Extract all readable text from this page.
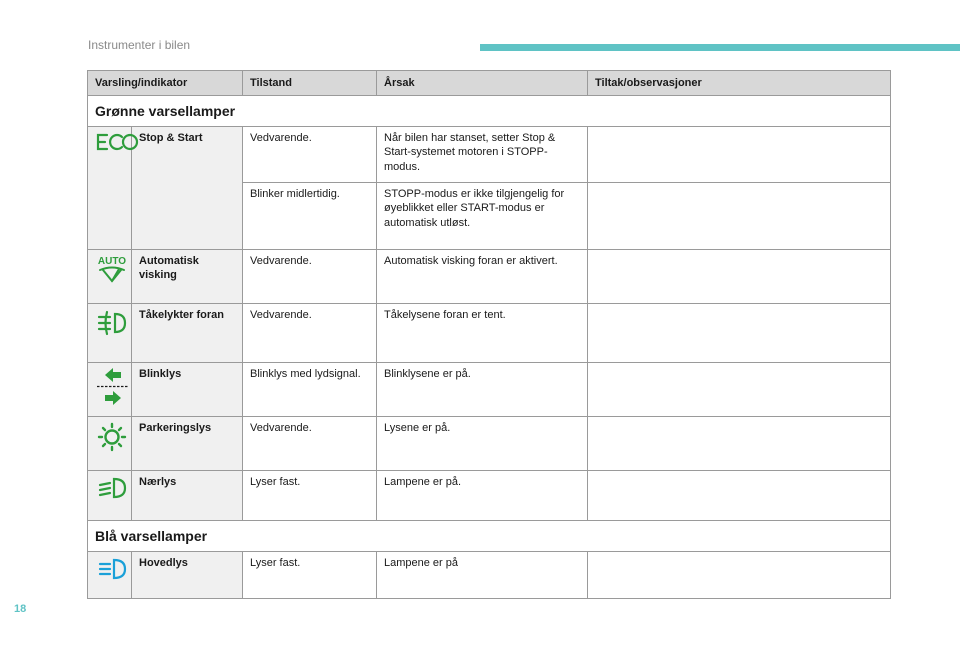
Instrumenter i bilen
Varsling/indikator		Tilstand	Årsak	Tiltak/observasjoner
Grønne varsellamper				

	Stop & Start	Vedvarende.	Når bilen har stanset, setter Stop & Start-systemet motoren i STOPP-modus.	
		Blinker midlertidig.	STOPP-modus er ikke tilgjengelig for øyeblikket eller START-modus er automatisk utløst.	

AUTO	Automatisk visking	Vedvarende.	Automatisk visking foran er aktivert.	

	Tåkelykter foran	Vedvarende.	Tåkelysene foran er tent.	

	Blinklys	Blinklys med lydsignal.	Blinklysene er på.	

	Parkeringslys	Vedvarende.	Lysene er på.	

	Nærlys	Lyser fast.	Lampene er på.	
Blå varsellamper				

	Hovedlys	Lyser fast.	Lampene er på	
18
